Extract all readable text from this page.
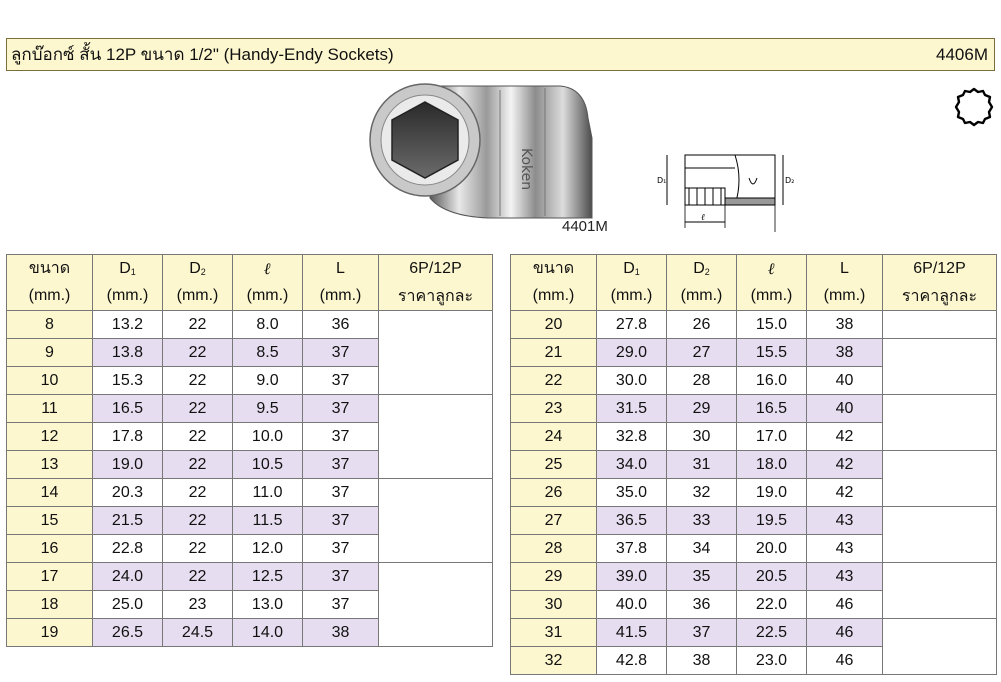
ลูกบ๊อกซ์ สั้น 12P ขนาด 1/2" (Handy-Endy Sockets)	4406M
Koken
4401M
D₁	D₂
ℓ
ขนาด	$D_1$	$D_2$	ℓ	L	6P/12P
(mm.)	(mm.)	(mm.)	(mm.)	(mm.)	ราคาลูกละ
8	13.2	22	8.0	36	
9	13.8	22	8.5	37	
10	15.3	22	9.0	37	
11	16.5	22	9.5	37	
12	17.8	22	10.0	37	
13	19.0	22	10.5	37	
14	20.3	22	11.0	37	
15	21.5	22	11.5	37	
16	22.8	22	12.0	37	
17	24.0	22	12.5	37	
18	25.0	23	13.0	37	
19	26.5	24.5	14.0	38	
ขนาด	$D_1$	$D_2$	ℓ	L	6P/12P
(mm.)	(mm.)	(mm.)	(mm.)	(mm.)	ราคาลูกละ
20	27.8	26	15.0	38	
21	29.0	27	15.5	38	
22	30.0	28	16.0	40	
23	31.5	29	16.5	40	
24	32.8	30	17.0	42	
25	34.0	31	18.0	42	
26	35.0	32	19.0	42	
27	36.5	33	19.5	43	
28	37.8	34	20.0	43	
29	39.0	35	20.5	43	
30	40.0	36	22.0	46	
31	41.5	37	22.5	46	
32	42.8	38	23.0	46	
